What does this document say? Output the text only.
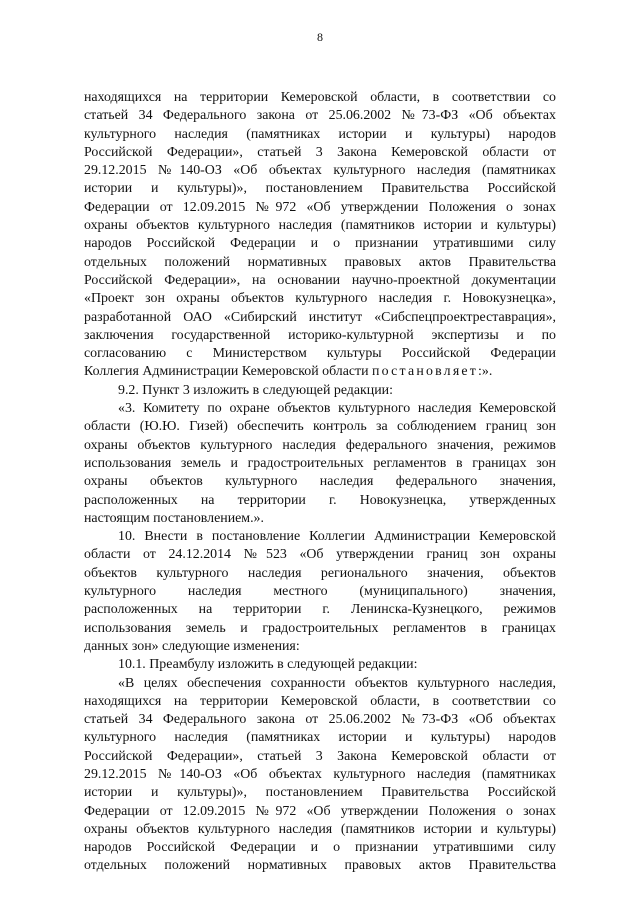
8
находящихся на территории Кемеровской области, в соответствии со
статьей 34 Федерального закона от 25.06.2002 №73-ФЗ «Об объектах
культурного наследия (памятниках истории и культуры) народов
Российской Федерации», статьей 3 Закона Кемеровской области от
29.12.2015 №140-ОЗ «Об объектах культурного наследия (памятниках
истории и культуры)», постановлением Правительства Российской
Федерации от 12.09.2015 №972 «Об утверждении Положения о зонах
охраны объектов культурного наследия (памятников истории и культуры)
народов Российской Федерации и о признании утратившими силу
отдельных положений нормативных правовых актов Правительства
Российской Федерации», на основании научно-проектной документации
«Проект зон охраны объектов культурного наследия г. Новокузнецка»,
разработанной ОАО «Сибирский институт «Сибспецпроектреставрация»,
заключения государственной историко-культурной экспертизы и по
согласованию с Министерством культуры Российской Федерации
Коллегия Администрации Кемеровской области постановляет:».
9.2. Пункт 3 изложить в следующей редакции:
«3. Комитету по охране объектов культурного наследия Кемеровской
области (Ю.Ю. Гизей) обеспечить контроль за соблюдением границ зон
охраны объектов культурного наследия федерального значения, режимов
использования земель и градостроительных регламентов в границах зон
охраны объектов культурного наследия федерального значения,
расположенных на территории г. Новокузнецка, утвержденных
настоящим постановлением.».
10. Внести в постановление Коллегии Администрации Кемеровской
области от 24.12.2014 №523 «Об утверждении границ зон охраны
объектов культурного наследия регионального значения, объектов
культурного наследия местного (муниципального) значения,
расположенных на территории г. Ленинска-Кузнецкого, режимов
использования земель и градостроительных регламентов в границах
данных зон» следующие изменения:
10.1. Преамбулу изложить в следующей редакции:
«В целях обеспечения сохранности объектов культурного наследия,
находящихся на территории Кемеровской области, в соответствии со
статьей 34 Федерального закона от 25.06.2002 №73-ФЗ «Об объектах
культурного наследия (памятниках истории и культуры) народов
Российской Федерации», статьей 3 Закона Кемеровской области от
29.12.2015 №140-ОЗ «Об объектах культурного наследия (памятниках
истории и культуры)», постановлением Правительства Российской
Федерации от 12.09.2015 №972 «Об утверждении Положения о зонах
охраны объектов культурного наследия (памятников истории и культуры)
народов Российской Федерации и о признании утратившими силу
отдельных положений нормативных правовых актов Правительства
